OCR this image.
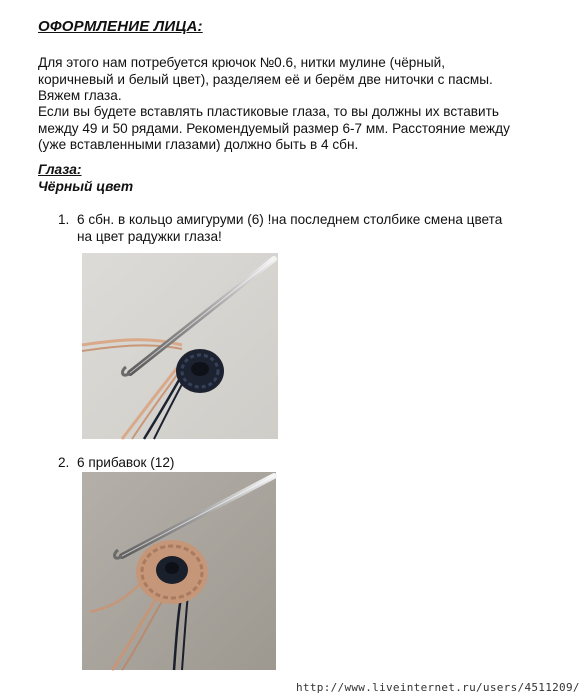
ОФОРМЛЕНИЕ ЛИЦА:
Для этого нам потребуется крючок №0.6, нитки мулине (чёрный, коричневый и белый цвет), разделяем её и берём две ниточки с пасмы. Вяжем глаза.
Если вы будете вставлять пластиковые глаза, то вы должны их вставить между 49 и 50 рядами. Рекомендуемый размер 6-7 мм. Расстояние между (уже вставленными глазами) должно быть в 4 сбн.
Глаза:
Чёрный цвет
1. 6 сбн. в кольцо амигуруми (6) !на последнем столбике смена цвета на цвет радужки глаза!
2. 6 прибавок (12)
http://www.liveinternet.ru/users/4511209/
